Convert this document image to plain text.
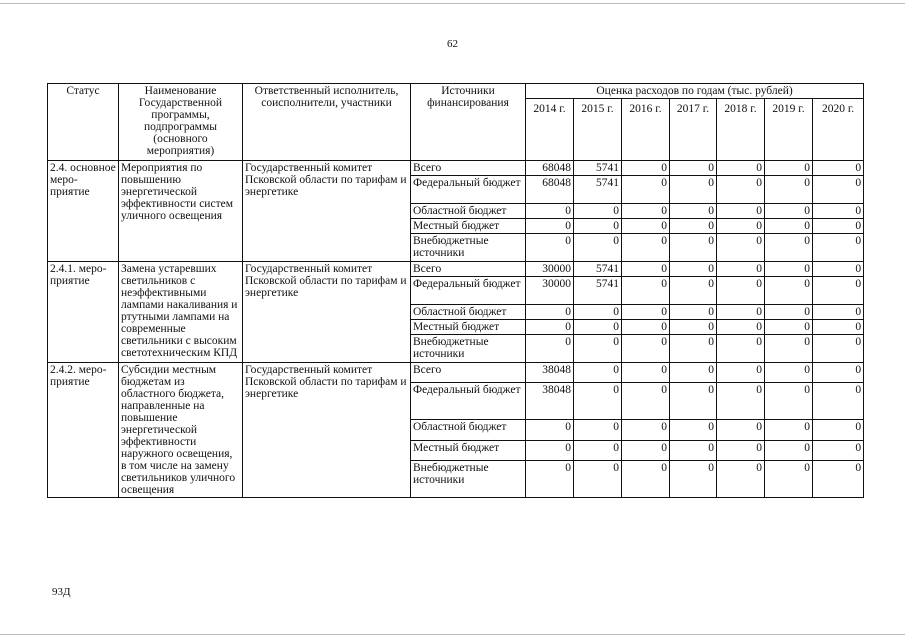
62
Статус	Наименование Государственной программы, подпрограммы (основного мероприятия)	Ответственный исполнитель, соисполнители, участники	Источники финансирования	Оценка расходов по годам (тыс. рублей)						
				2014 г.	2015 г.	2016 г.	2017 г.	2018 г.	2019 г.	2020 г.
2.4. основное меро- приятие	Мероприятия по повышению энергетической эффективности систем уличного освещения	Государственный комитет Псковской области по тарифам и энергетике	Всего	68048	5741	0	0	0	0	0
			Федеральный бюджет	68048	5741	0	0	0	0	0
			Областной бюджет	0	0	0	0	0	0	0
			Местный бюджет	0	0	0	0	0	0	0
			Внебюджетные источники	0	0	0	0	0	0	0
2.4.1. меро- приятие	Замена устаревших светильников с неэффективными лампами накаливания и ртутными лампами на современные светильники с высоким светотехническим КПД	Государственный комитет Псковской области по тарифам и энергетике	Всего	30000	5741	0	0	0	0	0
			Федеральный бюджет	30000	5741	0	0	0	0	0
			Областной бюджет	0	0	0	0	0	0	0
			Местный бюджет	0	0	0	0	0	0	0
			Внебюджетные источники	0	0	0	0	0	0	0
2.4.2. меро- приятие	Субсидии местным бюджетам из областного бюджета, направленные на повышение энергетической эффективности наружного освещения, в том числе на замену светильников уличного освещения	Государственный комитет Псковской области по тарифам и энергетике	Всего	38048	0	0	0	0	0	0
			Федеральный бюджет	38048	0	0	0	0	0	0
			Областной бюджет	0	0	0	0	0	0	0
			Местный бюджет	0	0	0	0	0	0	0
			Внебюджетные источники	0	0	0	0	0	0	0
93Д
